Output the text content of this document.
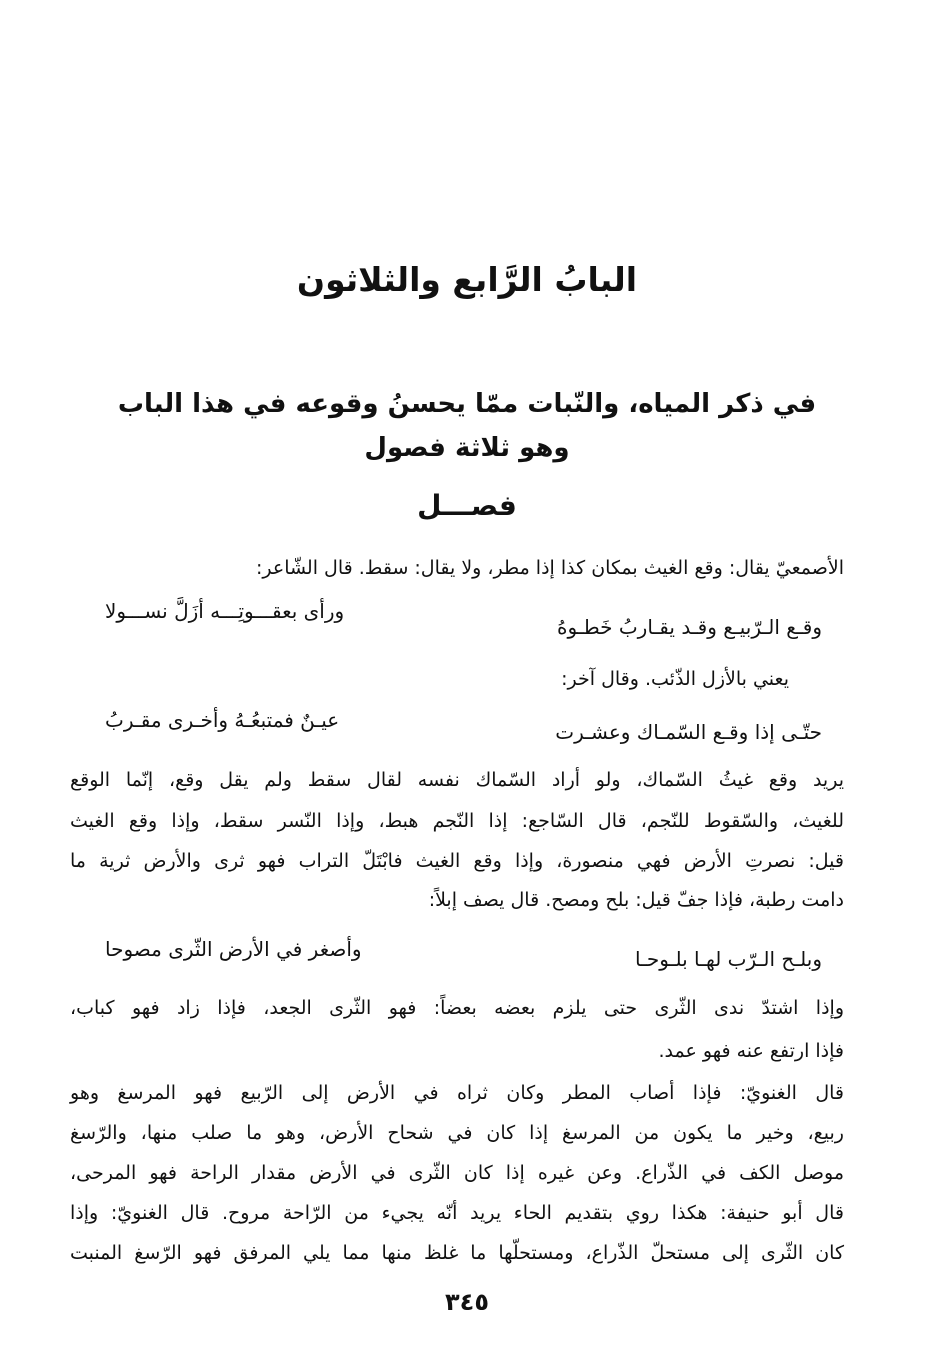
البابُ الرَّابع والثلاثون
في ذكر المياه، والنّبات ممّا يحسنُ وقوعه في هذا الباب
وهو ثلاثة فصول
فصـــل
الأصمعيّ يقال: وقع الغيث بمكان كذا إذا مطر، ولا يقال: سقط. قال الشّاعر:
وقـع الـرّبيـع وقـد يقـاربُ خَطـوهُ
ورأى بعقـــوتِـــه أزَلَّ نســـولا
يعني بالأزل الذّئب. وقال آخر:
حتّـى إذا وقـع السّمـاك وعشـرت
عيـنٌ فمتبعُـهُ وأخـرى مقـربُ
يريد وقع غيثُ السّماك، ولو أراد السّماك نفسه لقال سقط ولم يقل وقع، إنّما الوقع
للغيث، والسّقوط للنّجم، قال السّاجع: إذا النّجم هبط، وإذا النّسر سقط، وإذا وقع الغيث
قيل: نصرتِ الأرض فهي منصورة، وإذا وقع الغيث فابْتَلّ التراب فهو ثرى والأرض ثرية ما
دامت رطبة، فإذا جفّ قيل: بلح ومصح. قال يصف إبلاً:
وبلـح الـرّب لهـا بلـوحـا
وأصغر في الأرض الثّرى مصوحا
وإذا اشتدّ ندى الثّرى حتى يلزم بعضه بعضاً: فهو الثّرى الجعد، فإذا زاد فهو كباب،
فإذا ارتفع عنه فهو عمد.
قال الغنويّ: فإذا أصاب المطر وكان ثراه في الأرض إلى الرّبيع فهو المرسغ وهو
ربيع، وخير ما يكون من المرسغ إذا كان في شحاح الأرض، وهو ما صلب منها، والرّسغ
موصل الكف في الذّراع. وعن غيره إذا كان الثّرى في الأرض مقدار الراحة فهو المرحى،
قال أبو حنيفة: هكذا روي بتقديم الحاء يريد أنّه يجيء من الرّاحة مروح. قال الغنويّ: وإذا
كان الثّرى إلى مستحلّ الذّراع، ومستحلّها ما غلظ منها مما يلي المرفق فهو الرّسغ المنبت
٣٤٥
